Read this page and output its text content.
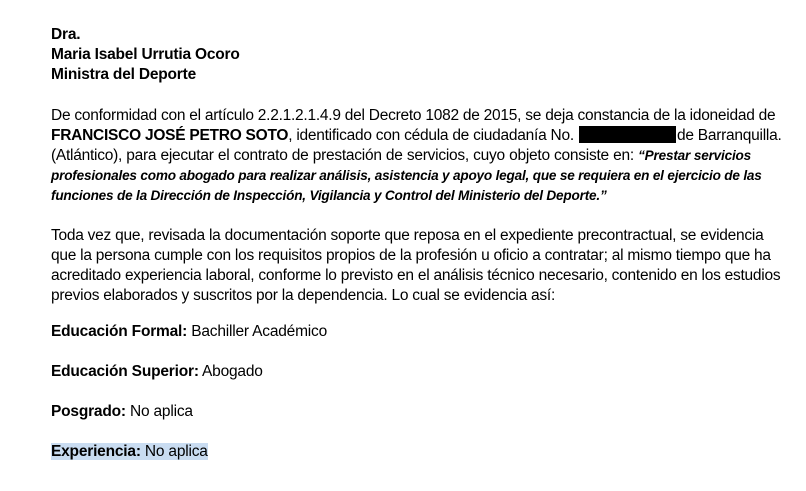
Dra.
Maria Isabel Urrutia Ocoro
Ministra del Deporte
De conformidad con el artículo 2.2.1.2.1.4.9 del Decreto 1082 de 2015, se deja constancia de la idoneidad de
FRANCISCO JOSÉ PETRO SOTO, identificado con cédula de ciudadanía No.	de Barranquilla.
(Atlántico), para ejecutar el contrato de prestación de servicios, cuyo objeto consiste en: “Prestar servicios
profesionales como abogado para realizar análisis, asistencia y apoyo legal, que se requiera en el ejercicio de las
funciones de la Dirección de Inspección, Vigilancia y Control del Ministerio del Deporte.”
Toda vez que, revisada la documentación soporte que reposa en el expediente precontractual, se evidencia
que la persona cumple con los requisitos propios de la profesión u oficio a contratar; al mismo tiempo que ha
acreditado experiencia laboral, conforme lo previsto en el análisis técnico necesario, contenido en los estudios
previos elaborados y suscritos por la dependencia. Lo cual se evidencia así:
Educación Formal: Bachiller Académico
Educación Superior: Abogado
Posgrado: No aplica
Experiencia: No aplica
